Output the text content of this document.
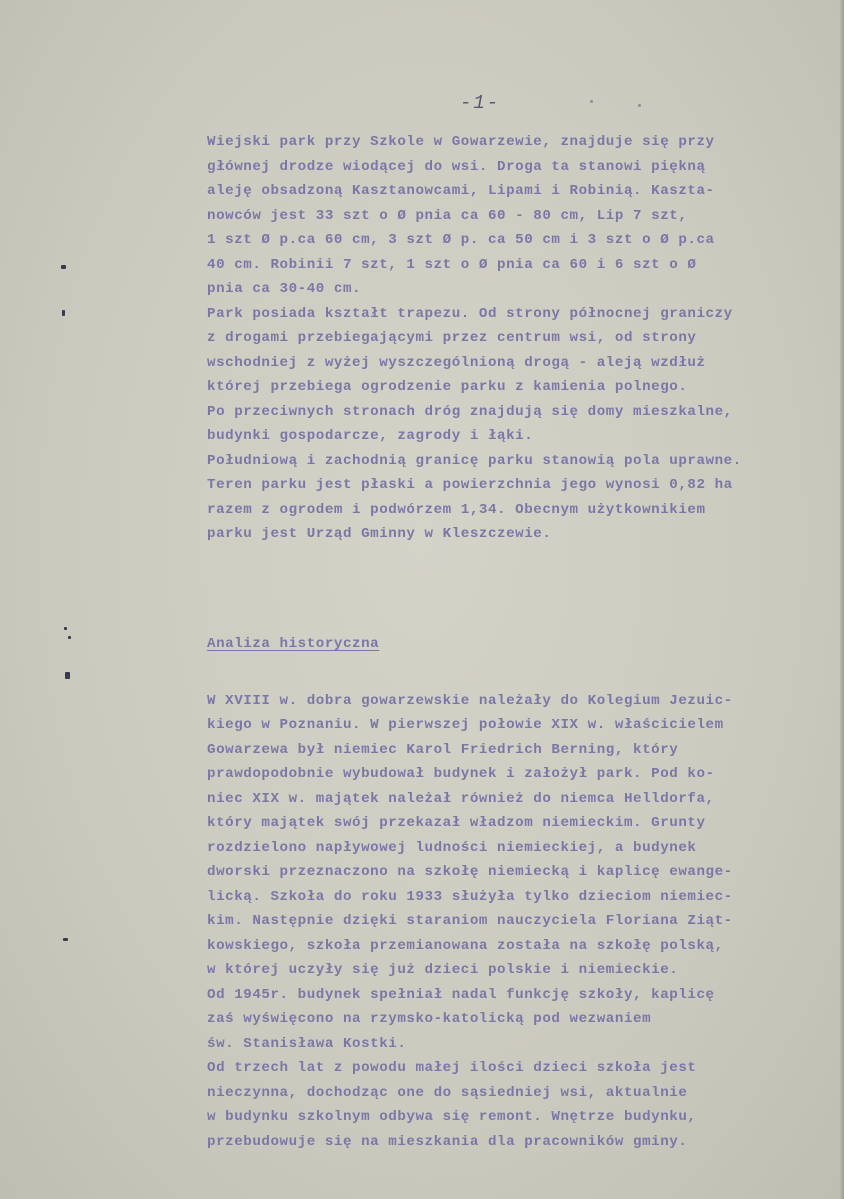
-1-
Wiejski park przy Szkole w Gowarzewie, znajduje się przy
głównej drodze wiodącej do wsi. Droga ta stanowi piękną
aleję obsadzoną Kasztanowcami, Lipami i Robinią. Kaszta-
nowców jest 33 szt o Ø pnia ca 60 - 80 cm, Lip 7 szt,
1 szt Ø p.ca 60 cm, 3 szt Ø p. ca 50 cm i 3 szt o Ø p.ca
40 cm. Robinii 7 szt, 1 szt o Ø pnia ca 60 i 6 szt o Ø
pnia ca 30-40 cm.
Park posiada kształt trapezu. Od strony północnej graniczy
z drogami przebiegającymi przez centrum wsi, od strony
wschodniej z wyżej wyszczególnioną drogą - aleją wzdłuż
której przebiega ogrodzenie parku z kamienia polnego.
Po przeciwnych stronach dróg znajdują się domy mieszkalne,
budynki gospodarcze, zagrody i łąki.
Południową i zachodnią granicę parku stanowią pola uprawne.
Teren parku jest płaski a powierzchnia jego wynosi 0,82 ha
razem z ogrodem i podwórzem 1,34. Obecnym użytkownikiem
parku jest Urząd Gminny w Kleszczewie.

Analiza historyczna

W XVIII w. dobra gowarzewskie należały do Kolegium Jezuic-
kiego w Poznaniu. W pierwszej połowie XIX w. właścicielem
Gowarzewa był niemiec Karol Friedrich Berning, który
prawdopodobnie wybudował budynek i założył park. Pod ko-
niec XIX w. majątek należał również do niemca Helldorfa,
który majątek swój przekazał władzom niemieckim. Grunty
rozdzielono napływowej ludności niemieckiej, a budynek
dworski przeznaczono na szkołę niemiecką i kaplicę ewange-
licką. Szkoła do roku 1933 służyła tylko dzieciom niemiec-
kim. Następnie dzięki staraniom nauczyciela Floriana Ziąt-
kowskiego, szkoła przemianowana została na szkołę polską,
w której uczyły się już dzieci polskie i niemieckie.
Od 1945r. budynek spełniał nadal funkcję szkoły, kaplicę
zaś wyświęcono na rzymsko-katolicką pod wezwaniem
św. Stanisława Kostki.
Od trzech lat z powodu małej ilości dzieci szkoła jest
nieczynna, dochodząc one do sąsiedniej wsi, aktualnie
w budynku szkolnym odbywa się remont. Wnętrze budynku,
przebudowuje się na mieszkania dla pracowników gminy.
